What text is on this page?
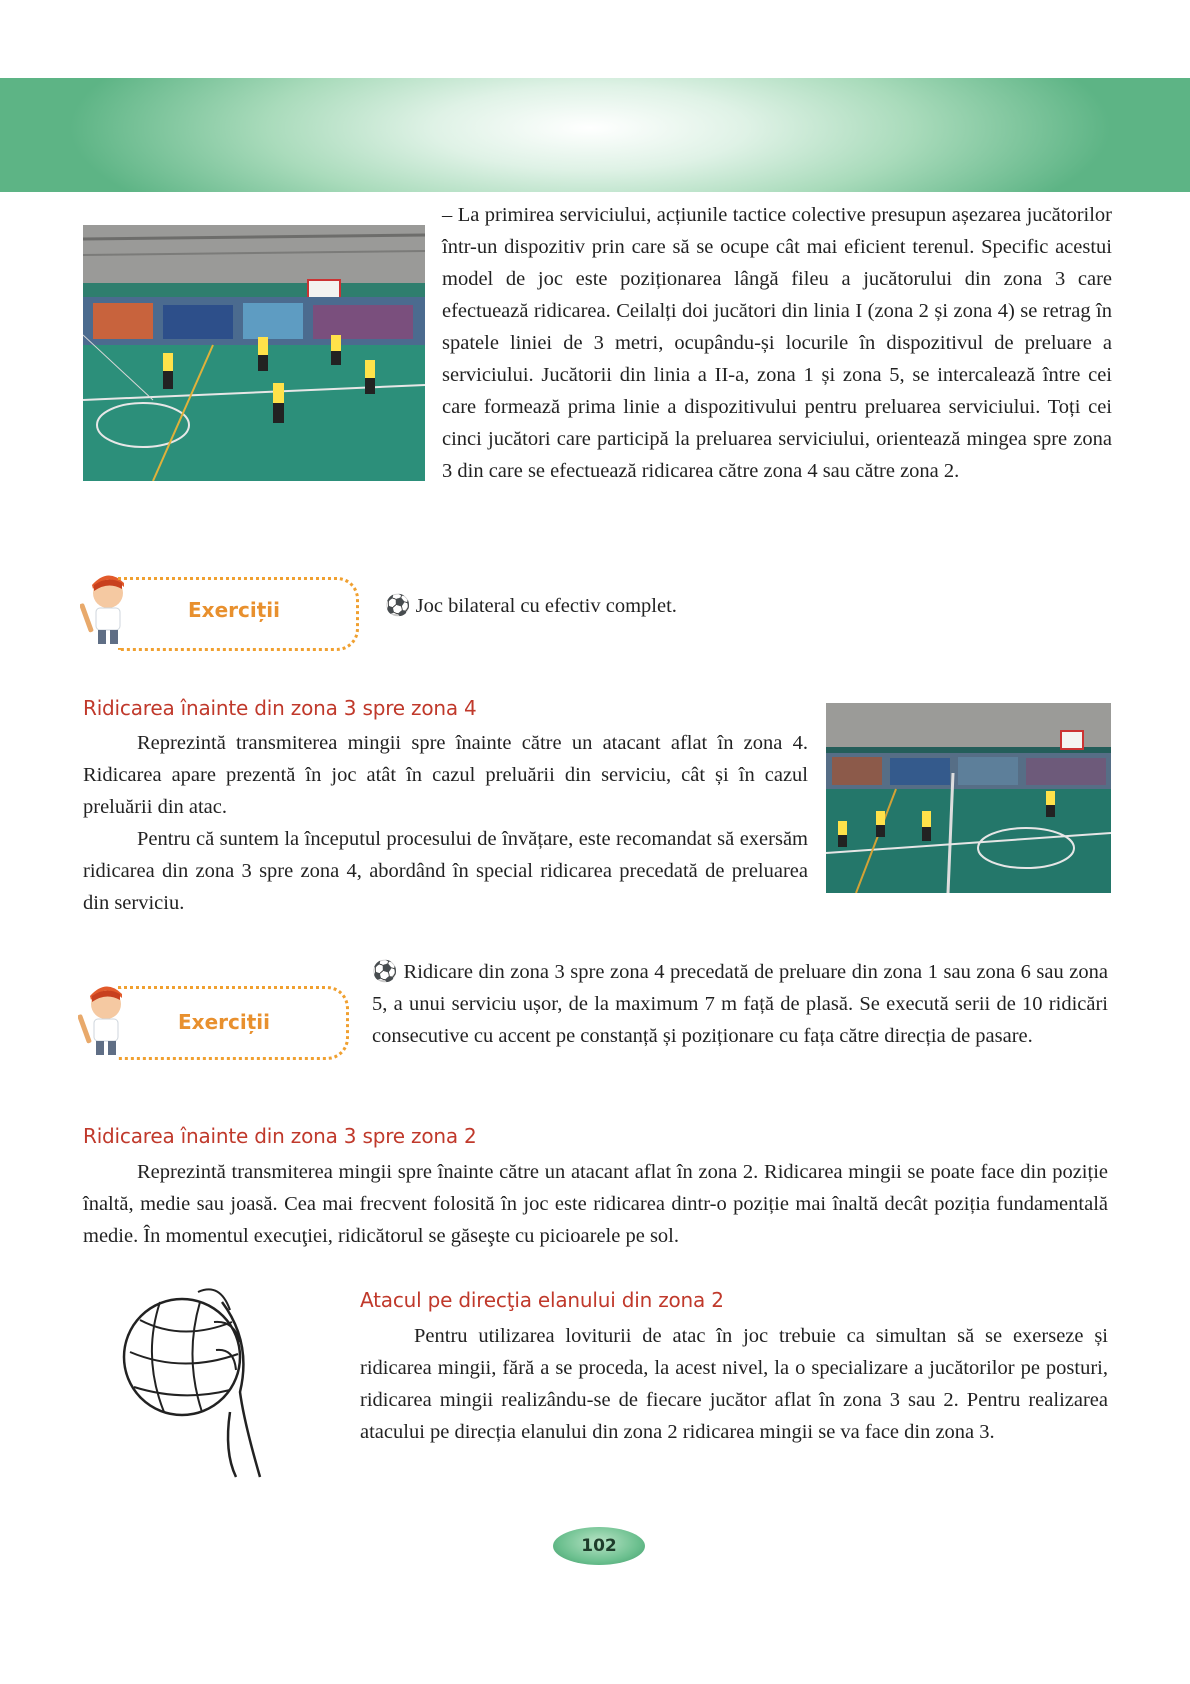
– La primirea serviciului, acțiunile tactice colective presupun așezarea jucătorilor într-un dispozitiv prin care să se ocupe cât mai eficient terenul. Specific acestui model de joc este poziționarea lângă fileu a jucătorului din zona 3 care efectuează ridicarea. Ceilalți doi jucători din linia I (zona 2 și zona 4) se retrag în spatele liniei de 3 metri, ocupându-și locurile în dispozitivul de preluare a serviciului. Jucătorii din linia a II-a, zona 1 și zona 5, se intercalează între cei care formează prima linie a dispozitivului pentru preluarea serviciului. Toți cei cinci jucători care participă la preluarea serviciului, orientează mingea spre zona 3 din care se efectuează ridicarea către zona 4 sau către zona 2.

Exerciții	⚽ Joc bilateral cu efectiv complet.
Ridicarea înainte din zona 3 spre zona 4

Reprezintă transmiterea mingii spre înainte către un atacant aflat în zona 4. Ridicarea apare prezentă în joc atât în cazul preluării din serviciu, cât și în cazul preluării din atac.

Pentru că suntem la începutul procesului de învățare, este recomandat să exersăm ridicarea din zona 3 spre zona 4, abordând în special ridicarea precedată de preluarea din serviciu.

Exerciții
⚽ Ridicare din zona 3 spre zona 4 precedată de preluare din zona 1 sau zona 6 sau zona 5, a unui serviciu ușor, de la maximum 7 m față de plasă. Se execută serii de 10 ridicări consecutive cu accent pe constanță și poziționare cu fața către direcția de pasare.
Ridicarea înainte din zona 3 spre zona 2

Reprezintă transmiterea mingii spre înainte către un atacant aflat în zona 2. Ridicarea mingii se poate face din poziție înaltă, medie sau joasă. Cea mai frecvent folosită în joc este ridicarea dintr-o poziție mai înaltă decât poziția fundamentală medie. În momentul execuţiei, ridicătorul se găseşte cu picioarele pe sol.

Atacul pe direcţia elanului din zona 2

Pentru utilizarea loviturii de atac în joc trebuie ca simultan să se exerseze și ridicarea mingii, fără a se proceda, la acest nivel, la o specializare a jucătorilor pe posturi, ridicarea mingii realizându-se de fiecare jucător aflat în zona 3 sau 2. Pentru realizarea atacului pe direcția elanului din zona 2 ridicarea mingii se va face din zona 3.

102
